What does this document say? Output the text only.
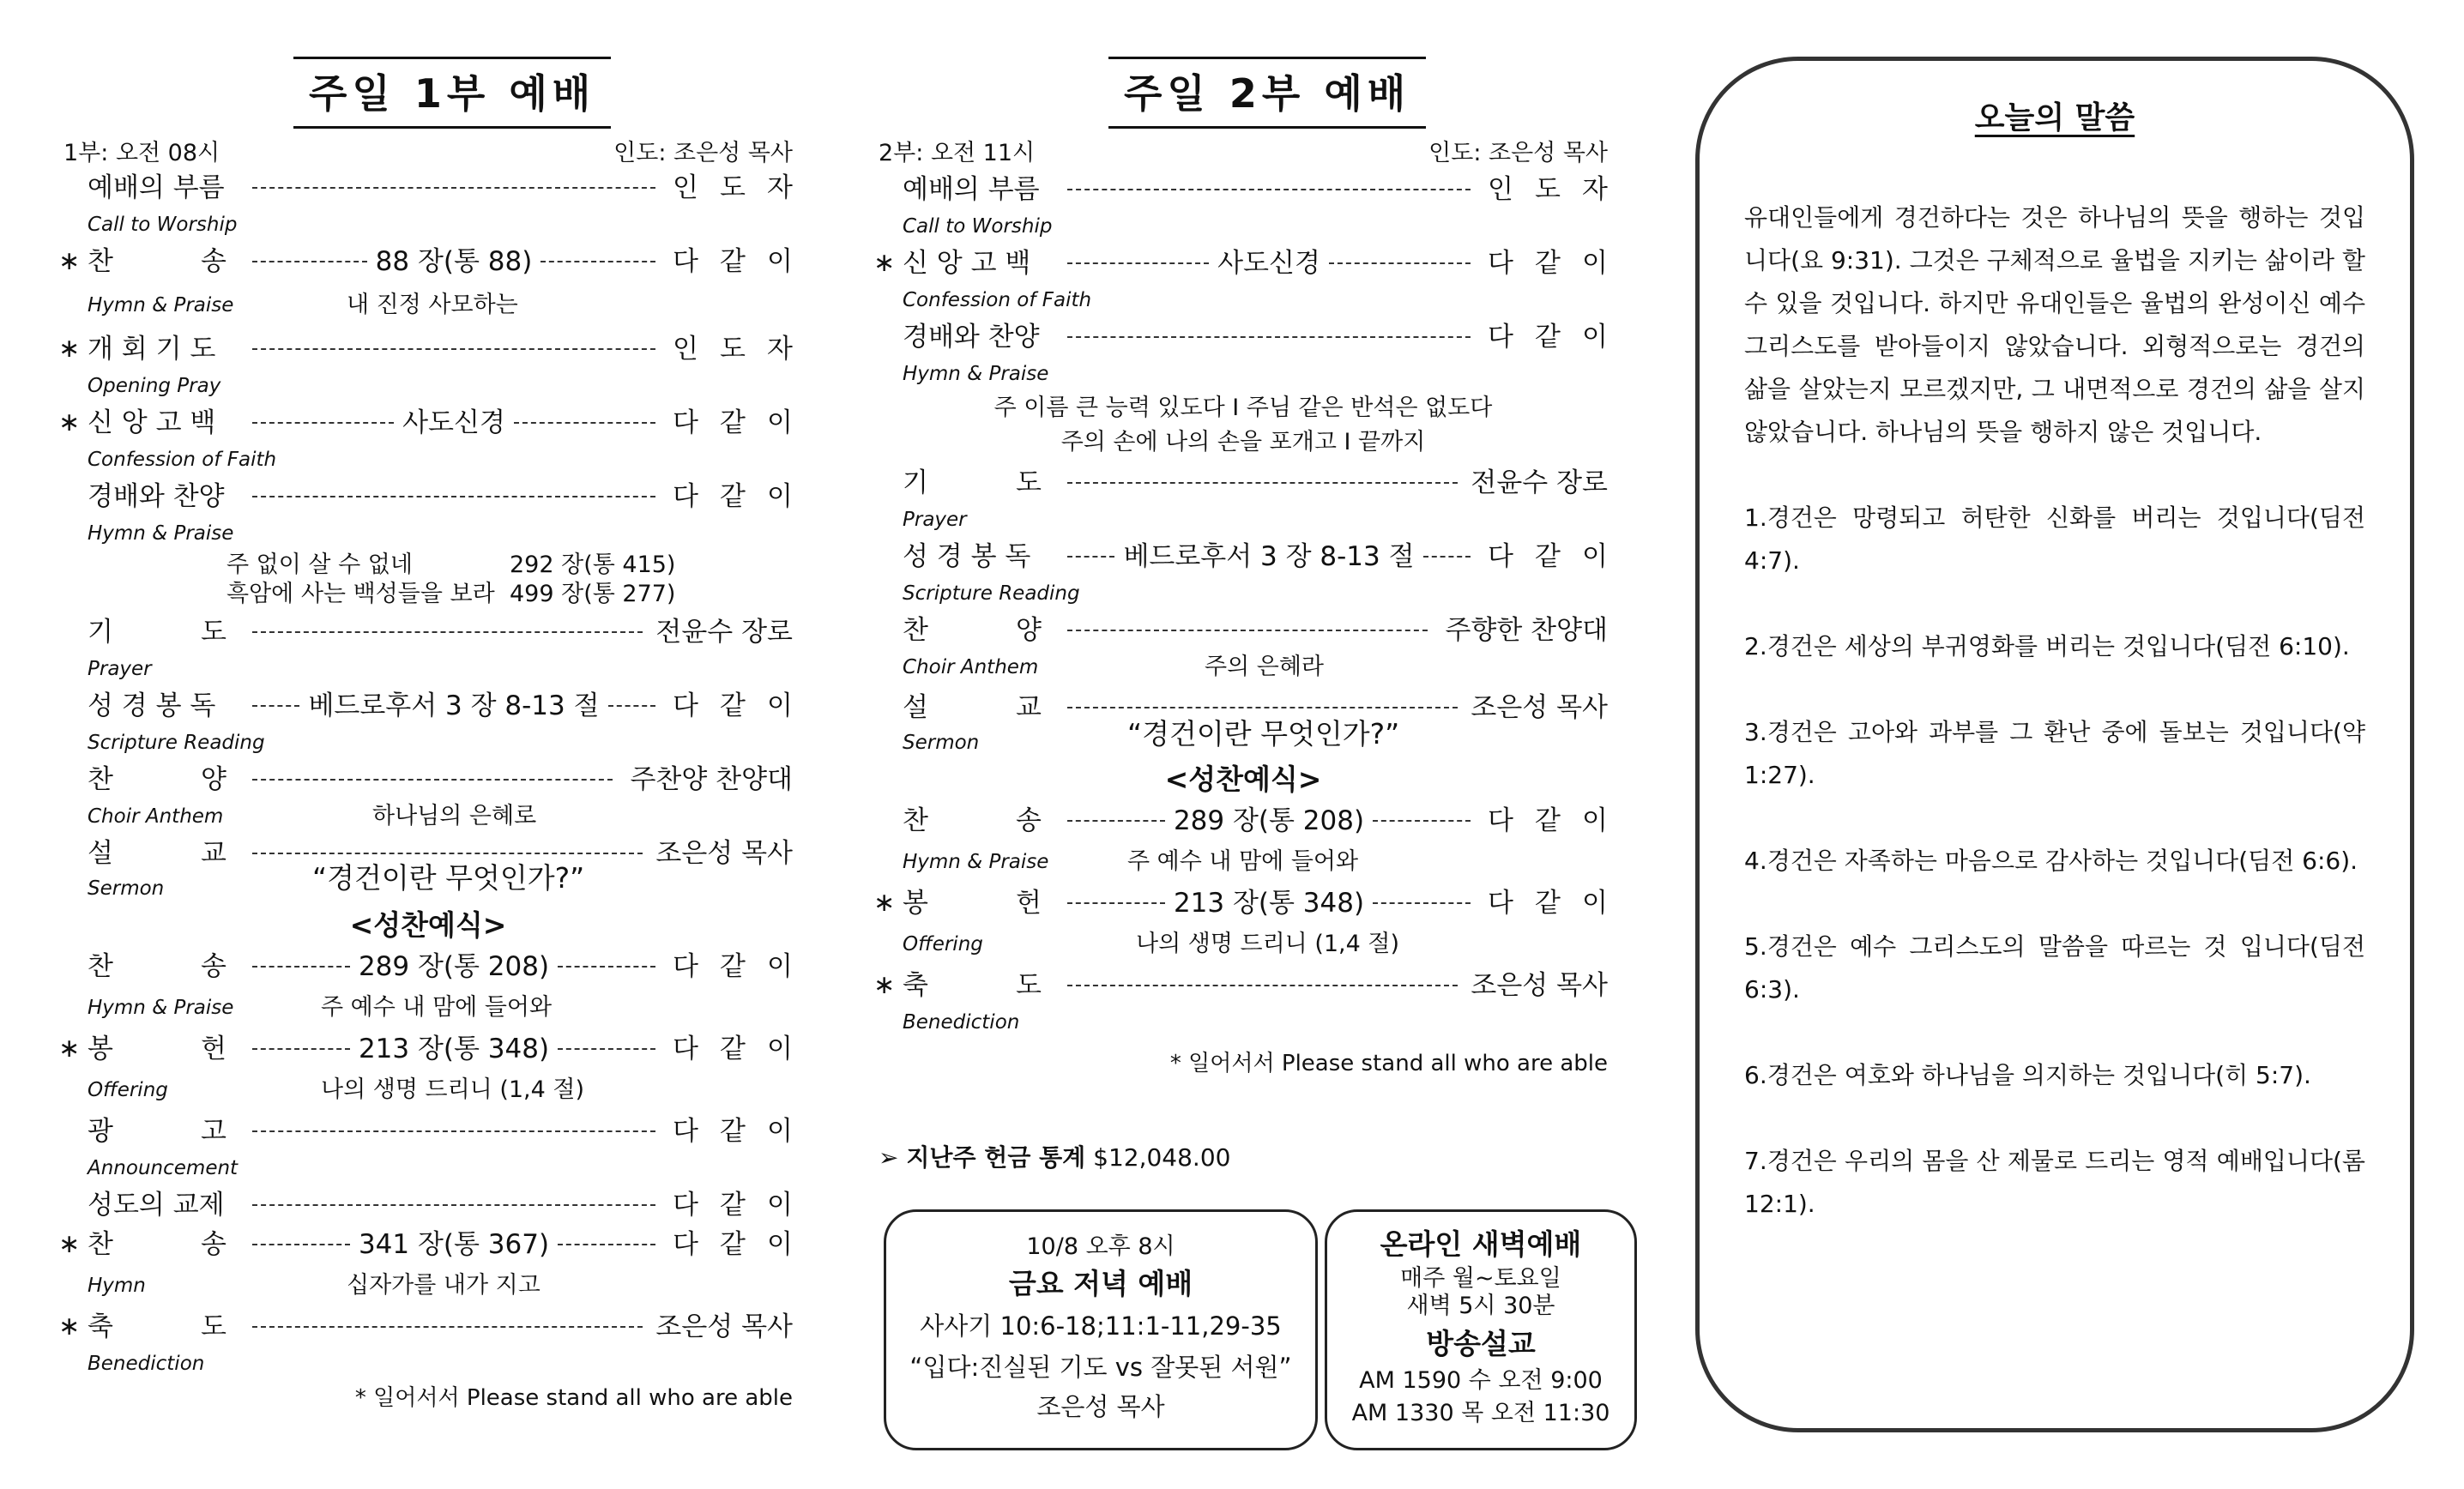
주일 1부 예배
1부: 오전 08시	인도: 조은성 목사
예배의 부름	인 도 자
Call to Worship
∗ 찬 송	88 장(통 88)	다 같 이
Hymn & Praise	내 진정 사모하는
∗ 개 회 기 도	인 도 자
Opening Pray
∗ 신 앙 고 백	사도신경	다 같 이
Confession of Faith
경배와 찬양	다 같 이
Hymn & Praise
주 없이 살 수 없네	292 장(통 415)
흑암에 사는 백성들을 보라 499 장(통 277)
기 도	전윤수 장로
Prayer
성 경 봉 독	베드로후서 3 장 8-13 절	다 같 이
Scripture Reading
찬 양	주찬양 찬양대
Choir Anthem	하나님의 은혜로
설 교	조은성 목사
Sermon	“경건이란 무엇인가?”
<성찬예식>
찬 송	289 장(통 208)	다 같 이
Hymn & Praise	주 예수 내 맘에 들어와
∗ 봉 헌	213 장(통 348)	다 같 이
Offering	나의 생명 드리니 (1,4 절)
광 고	다 같 이
Announcement
성도의 교제	다 같 이
∗ 찬 송	341 장(통 367)	다 같 이
Hymn	십자가를 내가 지고
∗ 축 도	조은성 목사
Benediction
* 일어서서 Please stand all who are able
주일 2부 예배
2부: 오전 11시	인도: 조은성 목사
예배의 부름	인 도 자
Call to Worship
∗ 신 앙 고 백	사도신경	다 같 이
Confession of Faith
경배와 찬양	다 같 이
Hymn & Praise
주 이름 큰 능력 있도다 I 주님 같은 반석은 없도다
주의 손에 나의 손을 포개고 I 끝까지
기 도	전윤수 장로
Prayer
성 경 봉 독	베드로후서 3 장 8-13 절	다 같 이
Scripture Reading
찬 양	주향한 찬양대
Choir Anthem	주의 은혜라
설 교	조은성 목사
Sermon	“경건이란 무엇인가?”
<성찬예식>
찬 송	289 장(통 208)	다 같 이
Hymn & Praise	주 예수 내 맘에 들어와
∗ 봉 헌	213 장(통 348)	다 같 이
Offering	나의 생명 드리니 (1,4 절)
∗ 축 도	조은성 목사
Benediction
* 일어서서 Please stand all who are able
➢ 지난주 헌금 통계 $12,048.00
10/8 오후 8시
금요 저녁 예배
사사기 10:6-18;11:1-11,29-35
“입다:진실된 기도 vs 잘못된 서원”
조은성 목사
온라인 새벽예배
매주 월~토요일
새벽 5시 30분
방송설교
AM 1590 수 오전 9:00
AM 1330 목 오전 11:30
오늘의 말씀

유대인들에게 경건하다는 것은 하나님의 뜻을 행하는 것입니다(요 9:31). 그것은 구체적으로 율법을 지키는 삶이라 할 수 있을 것입니다. 하지만 유대인들은 율법의 완성이신 예수 그리스도를 받아들이지 않았습니다. 외형적으로는 경건의 삶을 살았는지 모르겠지만, 그 내면적으로 경건의 삶을 살지 않았습니다. 하나님의 뜻을 행하지 않은 것입니다.

1.경건은 망령되고 허탄한 신화를 버리는 것입니다(딤전 4:7).

2.경건은 세상의 부귀영화를 버리는 것입니다(딤전 6:10).

3.경건은 고아와 과부를 그 환난 중에 돌보는 것입니다(약 1:27).

4.경건은 자족하는 마음으로 감사하는 것입니다(딤전 6:6).

5.경건은 예수 그리스도의 말씀을 따르는 것 입니다(딤전 6:3).

6.경건은 여호와 하나님을 의지하는 것입니다(히 5:7).

7.경건은 우리의 몸을 산 제물로 드리는 영적 예배입니다(롬 12:1).
